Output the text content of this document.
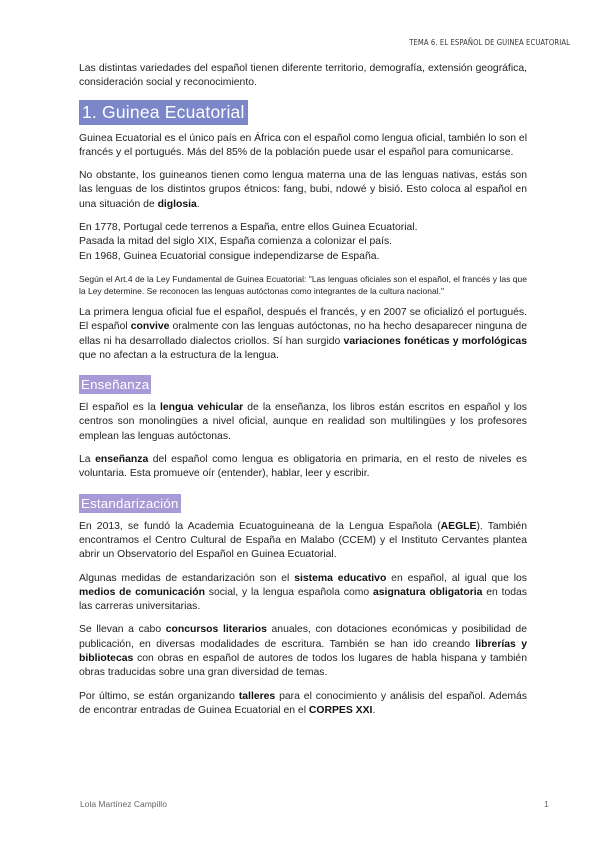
TEMA 6. EL ESPAÑOL DE GUINEA ECUATORIAL

Las distintas variedades del español tienen diferente territorio, demografía, extensión geográfica, consideración social y reconocimiento.

1. Guinea Ecuatorial

Guinea Ecuatorial es el único país en África con el español como lengua oficial, también lo son el francés y el portugués. Más del 85% de la población puede usar el español para comunicarse.

No obstante, los guineanos tienen como lengua materna una de las lenguas nativas, estás son las lenguas de los distintos grupos étnicos: fang, bubi, ndowé y bisió. Esto coloca al español en una situación de diglosia.

En 1778, Portugal cede terrenos a España, entre ellos Guinea Ecuatorial.

Pasada la mitad del siglo XIX, España comienza a colonizar el país.

En 1968, Guinea Ecuatorial consigue independizarse de España.

Según el Art.4 de la Ley Fundamental de Guinea Ecuatorial: "Las lenguas oficiales son el español, el francés y las que la Ley determine. Se reconocen las lenguas autóctonas como integrantes de la cultura nacional."

La primera lengua oficial fue el español, después el francés, y en 2007 se oficializó el portugués. El español convive oralmente con las lenguas autóctonas, no ha hecho desaparecer ninguna de ellas ni ha desarrollado dialectos criollos. Sí han surgido variaciones fonéticas y morfológicas que no afectan a la estructura de la lengua.

Enseñanza

El español es la lengua vehicular de la enseñanza, los libros están escritos en español y los centros son monolingües a nivel oficial, aunque en realidad son multilingües y los profesores emplean las lenguas autóctonas.

La enseñanza del español como lengua es obligatoria en primaria, en el resto de niveles es voluntaria. Esta promueve oír (entender), hablar, leer y escribir.

Estandarización

En 2013, se fundó la Academia Ecuatoguineana de la Lengua Española (AEGLE). También encontramos el Centro Cultural de España en Malabo (CCEM) y el Instituto Cervantes plantea abrir un Observatorio del Español en Guinea Ecuatorial.

Algunas medidas de estandarización son el sistema educativo en español, al igual que los medios de comunicación social, y la lengua española como asignatura obligatoria en todas las carreras universitarias.

Se llevan a cabo concursos literarios anuales, con dotaciones económicas y posibilidad de publicación, en diversas modalidades de escritura. También se han ido creando librerías y bibliotecas con obras en español de autores de todos los lugares de habla hispana y también obras traducidas sobre una gran diversidad de temas.

Por último, se están organizando talleres para el conocimiento y análisis del español. Además de encontrar entradas de Guinea Ecuatorial en el CORPES XXI.

Lola Martínez Campillo	1
